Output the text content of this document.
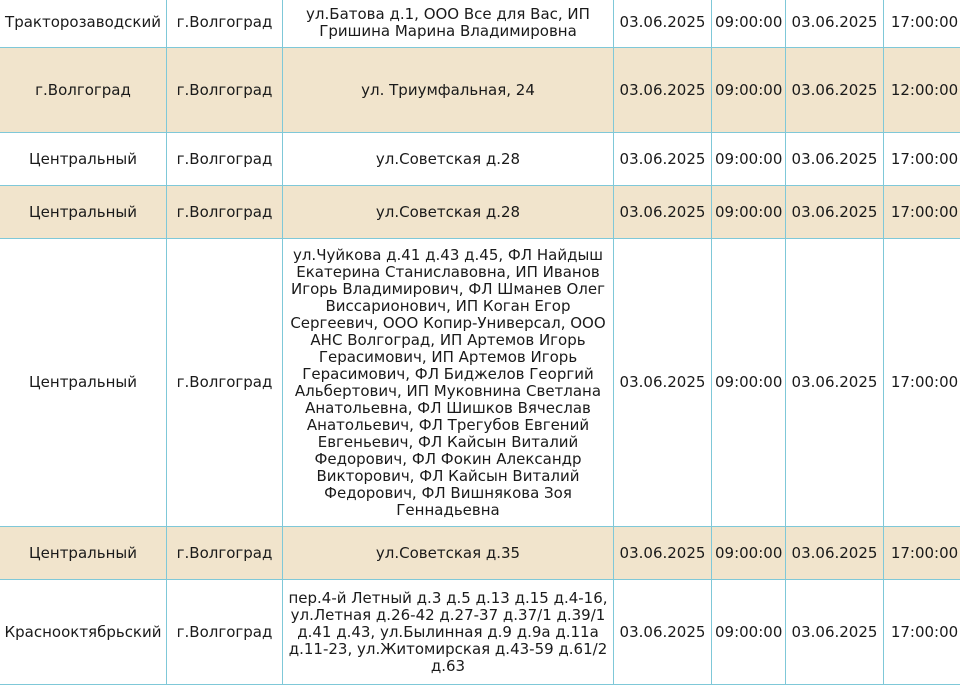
Тракторозаводский	г.Волгоград	ул.Батова д.1, ООО Все для Вас, ИП Гришина Марина Владимировна	03.06.2025	09:00:00	03.06.2025	17:00:00
г.Волгоград	г.Волгоград	ул. Триумфальная, 24	03.06.2025	09:00:00	03.06.2025	12:00:00
Центральный	г.Волгоград	ул.Советская д.28	03.06.2025	09:00:00	03.06.2025	17:00:00
Центральный	г.Волгоград	ул.Советская д.28	03.06.2025	09:00:00	03.06.2025	17:00:00
Центральный	г.Волгоград	ул.Чуйкова д.41 д.43 д.45, ФЛ Найдыш Екатерина Станиславовна, ИП Иванов Игорь Владимирович, ФЛ Шманев Олег Виссарионович, ИП Коган Егор Сергеевич, ООО Копир-Универсал, ООО АНС Волгоград, ИП Артемов Игорь Герасимович, ИП Артемов Игорь Герасимович, ФЛ Биджелов Георгий Альбертович, ИП Муковнина Светлана Анатольевна, ФЛ Шишков Вячеслав Анатольевич, ФЛ Трегубов Евгений Евгеньевич, ФЛ Кайсын Виталий Федорович, ФЛ Фокин Александр Викторович, ФЛ Кайсын Виталий Федорович, ФЛ Вишнякова Зоя Геннадьевна	03.06.2025	09:00:00	03.06.2025	17:00:00
Центральный	г.Волгоград	ул.Советская д.35	03.06.2025	09:00:00	03.06.2025	17:00:00
Краснооктябрьский	г.Волгоград	пер.4-й Летный д.3 д.5 д.13 д.15 д.4-16, ул.Летная д.26-42 д.27-37 д.37/1 д.39/1 д.41 д.43, ул.Былинная д.9 д.9а д.11а д.11-23, ул.Житомирская д.43-59 д.61/2 д.63	03.06.2025	09:00:00	03.06.2025	17:00:00
